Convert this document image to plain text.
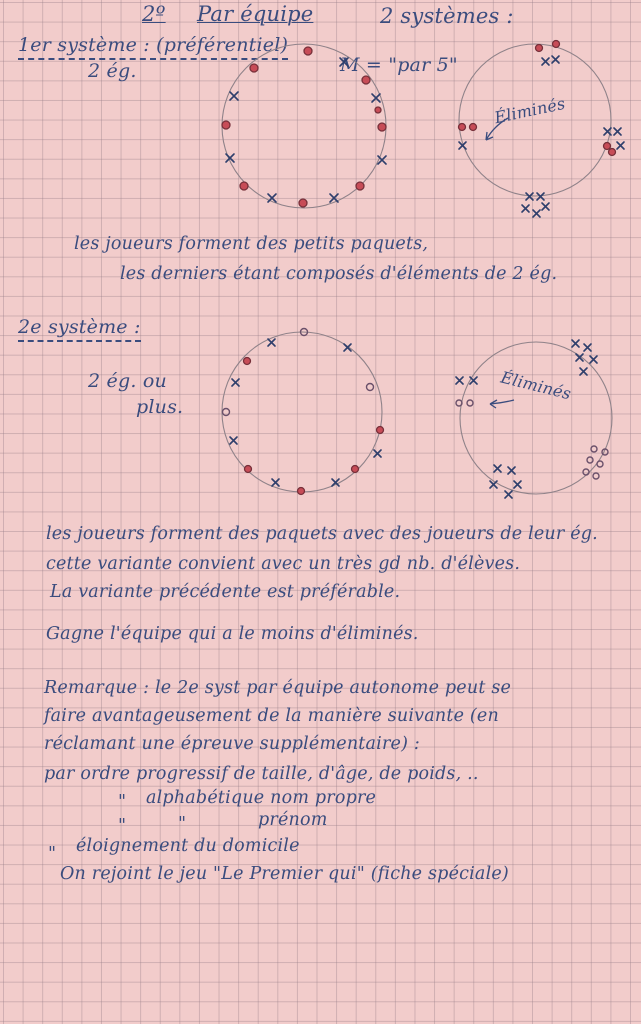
2º Par équipe	2 systèmes :
1er système : (préférentiel)
2 ég.	M = "par 5"
Éliminés
les joueurs forment des petits paquets,
les derniers étant composés d'éléments de 2 ég.
2e système :
2 ég. ou
plus.
Éliminés
les joueurs forment des paquets avec des joueurs de leur ég.
cette variante convient avec un très gd nb. d'élèves.
La variante précédente est préférable.
Gagne l'équipe qui a le moins d'éliminés.
Remarque : le 2e syst par équipe autonome peut se
faire avantageusement de la manière suivante (en
réclamant une épreuve supplémentaire) :
par ordre progressif de taille, d'âge, de poids, ..
" alphabétique nom propre
"	"	prénom
" éloignement du domicile
On rejoint le jeu "Le Premier qui" (fiche spéciale)
